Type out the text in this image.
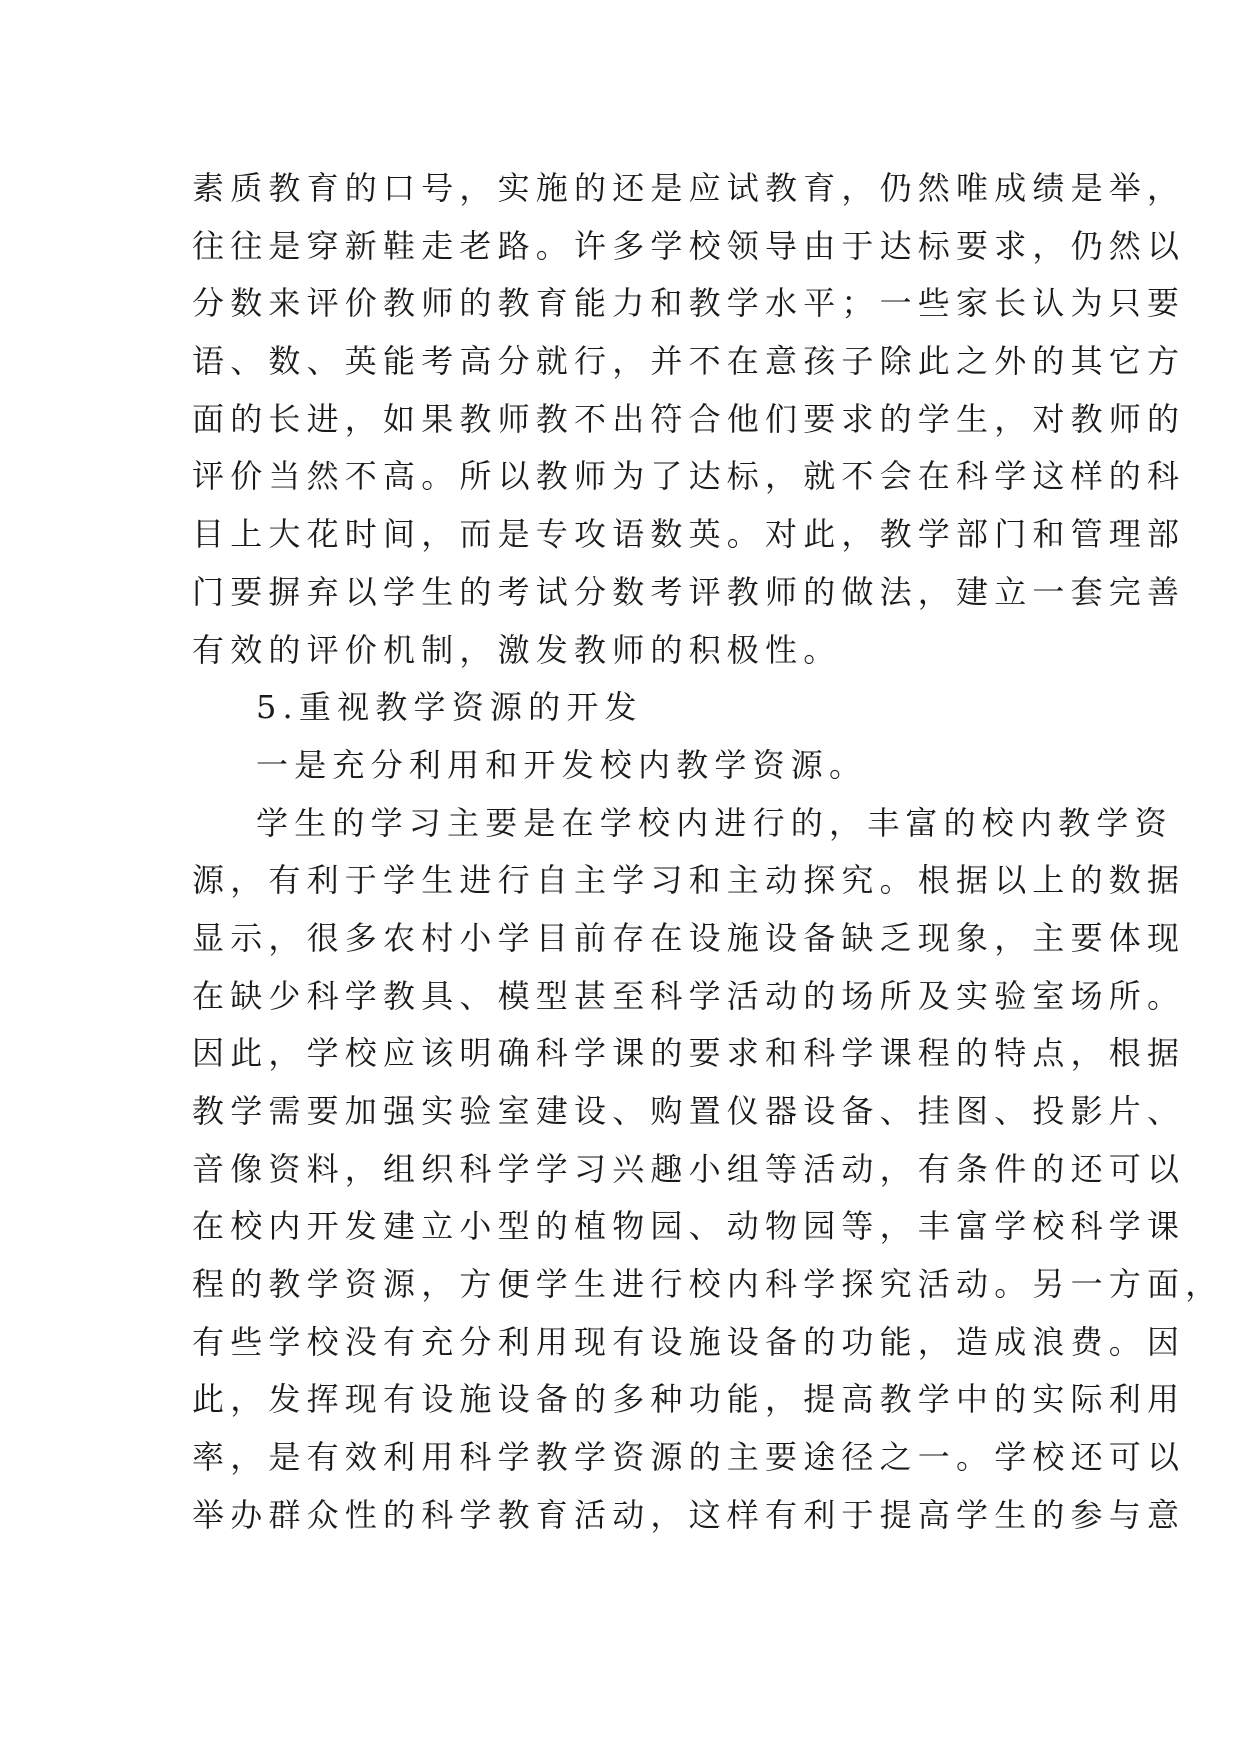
素质教育的口号，实施的还是应试教育，仍然唯成绩是举，
往往是穿新鞋走老路。许多学校领导由于达标要求，仍然以
分数来评价教师的教育能力和教学水平；一些家长认为只要
语、数、英能考高分就行，并不在意孩子除此之外的其它方
面的长进，如果教师教不出符合他们要求的学生，对教师的
评价当然不高。所以教师为了达标，就不会在科学这样的科
目上大花时间，而是专攻语数英。对此，教学部门和管理部
门要摒弃以学生的考试分数考评教师的做法，建立一套完善
有效的评价机制，激发教师的积极性。
5.重视教学资源的开发
一是充分利用和开发校内教学资源。
学生的学习主要是在学校内进行的，丰富的校内教学资
源，有利于学生进行自主学习和主动探究。根据以上的数据
显示，很多农村小学目前存在设施设备缺乏现象，主要体现
在缺少科学教具、模型甚至科学活动的场所及实验室场所。
因此，学校应该明确科学课的要求和科学课程的特点，根据
教学需要加强实验室建设、购置仪器设备、挂图、投影片、
音像资料，组织科学学习兴趣小组等活动，有条件的还可以
在校内开发建立小型的植物园、动物园等，丰富学校科学课
程的教学资源，方便学生进行校内科学探究活动。另一方面，
有些学校没有充分利用现有设施设备的功能，造成浪费。因
此，发挥现有设施设备的多种功能，提高教学中的实际利用
率，是有效利用科学教学资源的主要途径之一。学校还可以
举办群众性的科学教育活动，这样有利于提高学生的参与意
